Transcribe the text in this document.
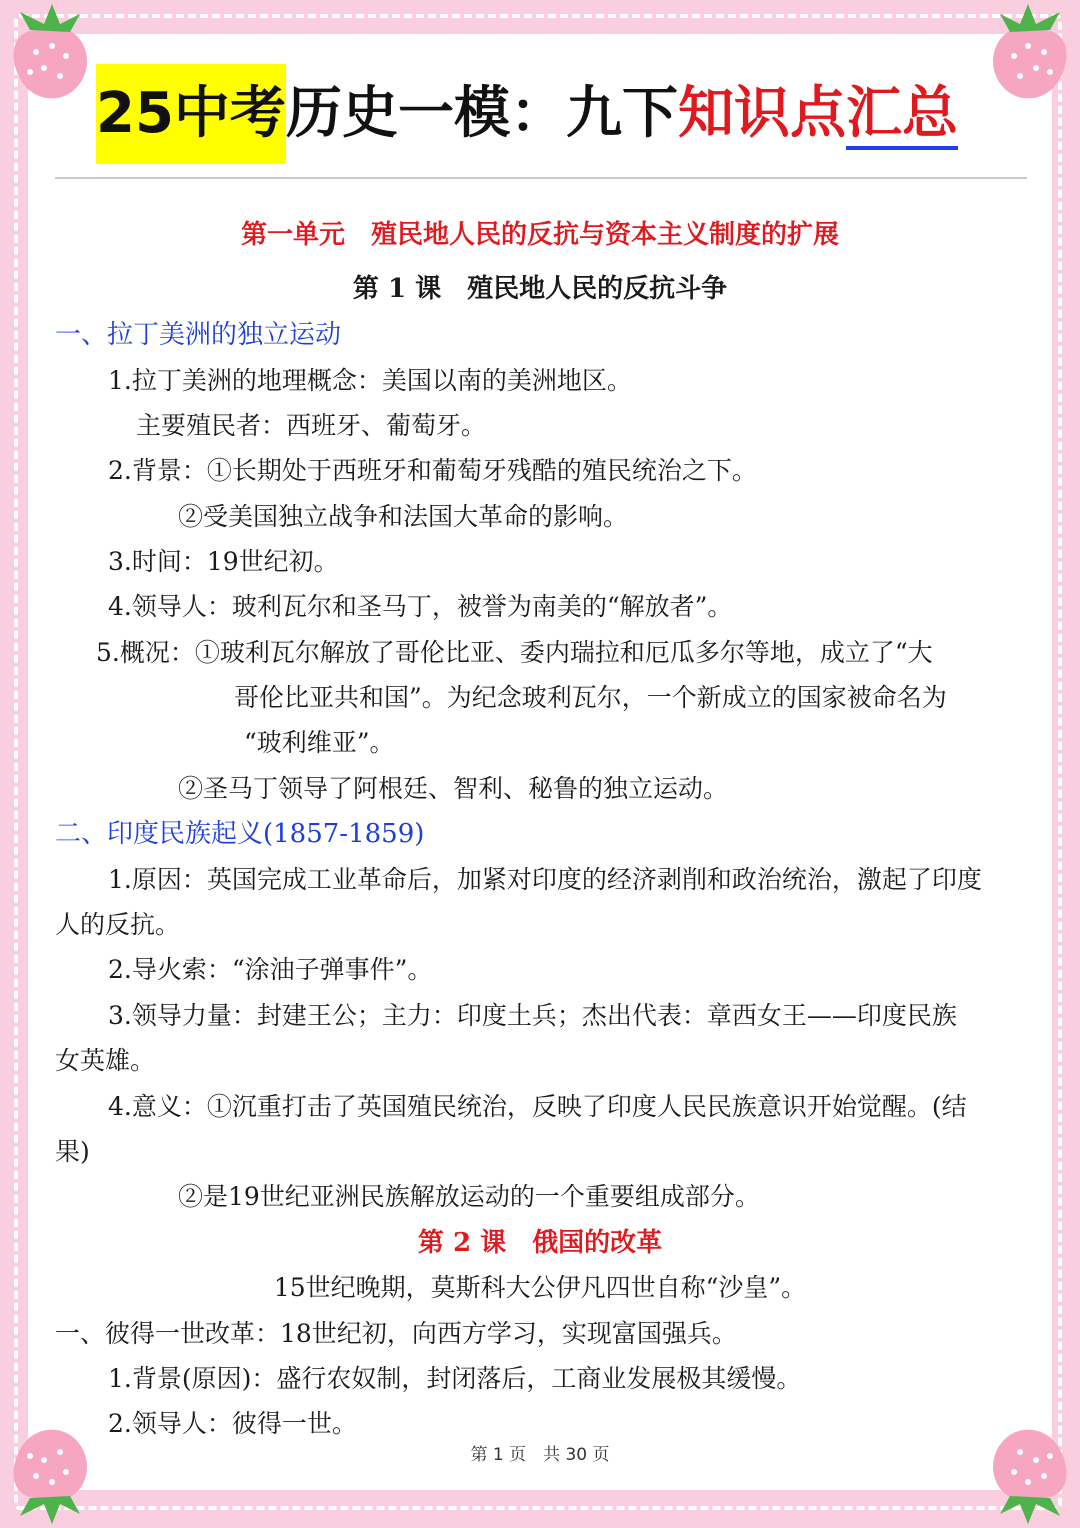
25中考历史一模：九下知识点汇总
第一单元　殖民地人民的反抗与资本主义制度的扩展
第 1 课　殖民地人民的反抗斗争
一、拉丁美洲的独立运动
1.拉丁美洲的地理概念：美国以南的美洲地区。
主要殖民者：西班牙、葡萄牙。
2.背景：①长期处于西班牙和葡萄牙残酷的殖民统治之下。
②受美国独立战争和法国大革命的影响。
3.时间：19世纪初。
4.领导人：玻利瓦尔和圣马丁，被誉为南美的“解放者”。
5.概况：①玻利瓦尔解放了哥伦比亚、委内瑞拉和厄瓜多尔等地，成立了“大
哥伦比亚共和国”。为纪念玻利瓦尔，一个新成立的国家被命名为
“玻利维亚”。
②圣马丁领导了阿根廷、智利、秘鲁的独立运动。
二、印度民族起义(1857-1859)
1.原因：英国完成工业革命后，加紧对印度的经济剥削和政治统治，激起了印度
人的反抗。
2.导火索：“涂油子弹事件”。
3.领导力量：封建王公；主力：印度土兵；杰出代表：章西女王——印度民族
女英雄。
4.意义：①沉重打击了英国殖民统治，反映了印度人民民族意识开始觉醒。(结
果)
②是19世纪亚洲民族解放运动的一个重要组成部分。
第 2 课　俄国的改革
15世纪晚期，莫斯科大公伊凡四世自称“沙皇”。
一、彼得一世改革：18世纪初，向西方学习，实现富国强兵。
1.背景(原因)：盛行农奴制，封闭落后，工商业发展极其缓慢。
2.领导人：彼得一世。
第 1 页　共 30 页
